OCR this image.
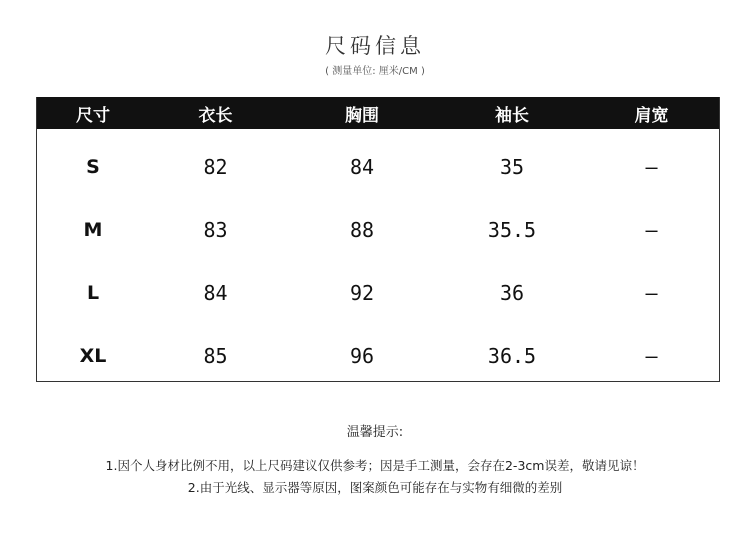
尺码信息
( 测量单位: 厘米/CM )
尺寸	衣长	胸围	袖长	肩宽
S	82	84	35	–
M	83	88	35.5	–
L	84	92	36	–
XL	85	96	36.5	–
温馨提示:
1.因个人身材比例不用，以上尺码建议仅供参考；因是手工测量，会存在2-3cm误差，敬请见谅！
2.由于光线、显示器等原因，图案颜色可能存在与实物有细微的差别
